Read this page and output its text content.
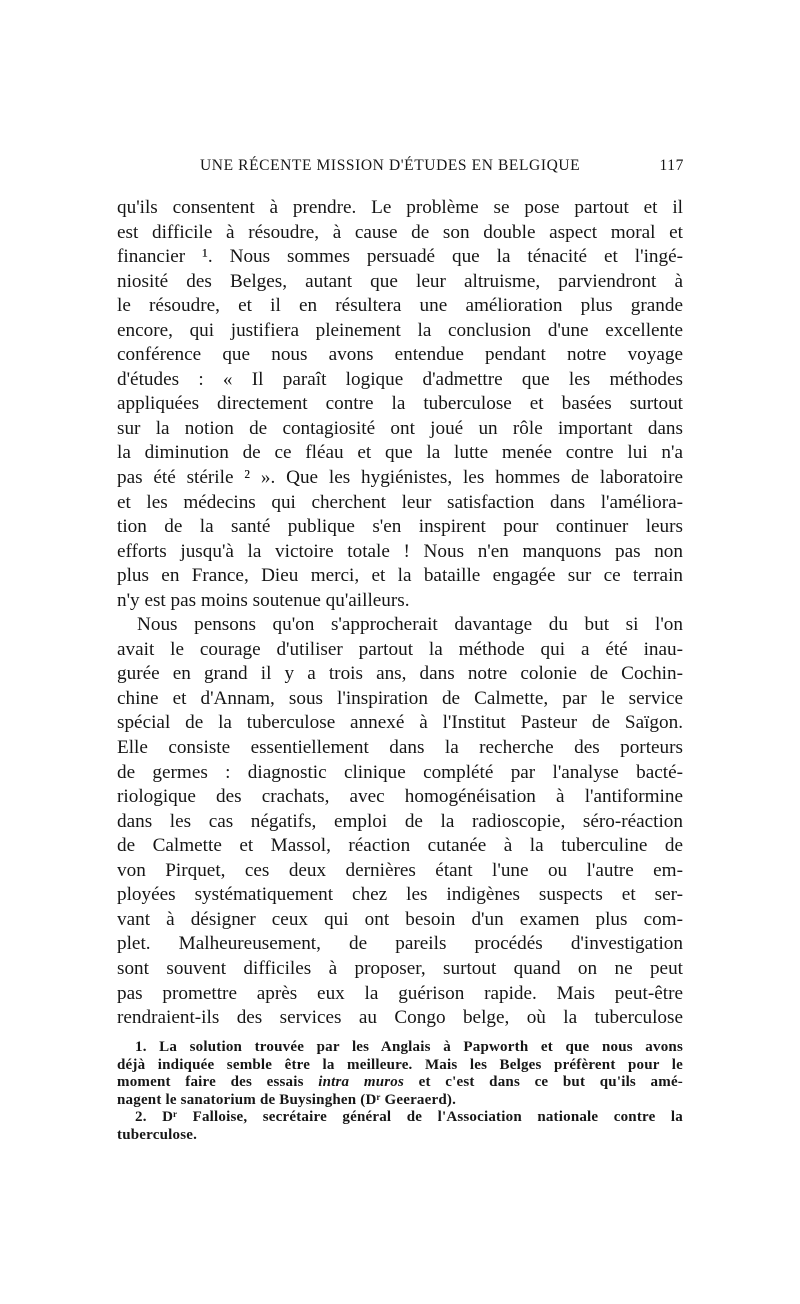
UNE RÉCENTE MISSION D'ÉTUDES EN BELGIQUE	117
qu'ils consentent à prendre. Le problème se pose partout et il
est difficile à résoudre, à cause de son double aspect moral et
financier ¹. Nous sommes persuadé que la ténacité et l'ingé-
niosité des Belges, autant que leur altruisme, parviendront à
le résoudre, et il en résultera une amélioration plus grande
encore, qui justifiera pleinement la conclusion d'une excellente
conférence que nous avons entendue pendant notre voyage
d'études : « Il paraît logique d'admettre que les méthodes
appliquées directement contre la tuberculose et basées surtout
sur la notion de contagiosité ont joué un rôle important dans
la diminution de ce fléau et que la lutte menée contre lui n'a
pas été stérile ² ». Que les hygiénistes, les hommes de laboratoire
et les médecins qui cherchent leur satisfaction dans l'améliora-
tion de la santé publique s'en inspirent pour continuer leurs
efforts jusqu'à la victoire totale ! Nous n'en manquons pas non
plus en France, Dieu merci, et la bataille engagée sur ce terrain
n'y est pas moins soutenue qu'ailleurs.
Nous pensons qu'on s'approcherait davantage du but si l'on
avait le courage d'utiliser partout la méthode qui a été inau-
gurée en grand il y a trois ans, dans notre colonie de Cochin-
chine et d'Annam, sous l'inspiration de Calmette, par le service
spécial de la tuberculose annexé à l'Institut Pasteur de Saïgon.
Elle consiste essentiellement dans la recherche des porteurs
de germes : diagnostic clinique complété par l'analyse bacté-
riologique des crachats, avec homogénéisation à l'antiformine
dans les cas négatifs, emploi de la radioscopie, séro-réaction
de Calmette et Massol, réaction cutanée à la tuberculine de
von Pirquet, ces deux dernières étant l'une ou l'autre em-
ployées systématiquement chez les indigènes suspects et ser-
vant à désigner ceux qui ont besoin d'un examen plus com-
plet. Malheureusement, de pareils procédés d'investigation
sont souvent difficiles à proposer, surtout quand on ne peut
pas promettre après eux la guérison rapide. Mais peut-être
rendraient-ils des services au Congo belge, où la tuberculose
1. La solution trouvée par les Anglais à Papworth et que nous avons
déjà indiquée semble être la meilleure. Mais les Belges préfèrent pour le
moment faire des essais intra muros et c'est dans ce but qu'ils amé-
nagent le sanatorium de Buysinghen (Dʳ Geeraerd).
2. Dʳ Falloise, secrétaire général de l'Association nationale contre la
tuberculose.
